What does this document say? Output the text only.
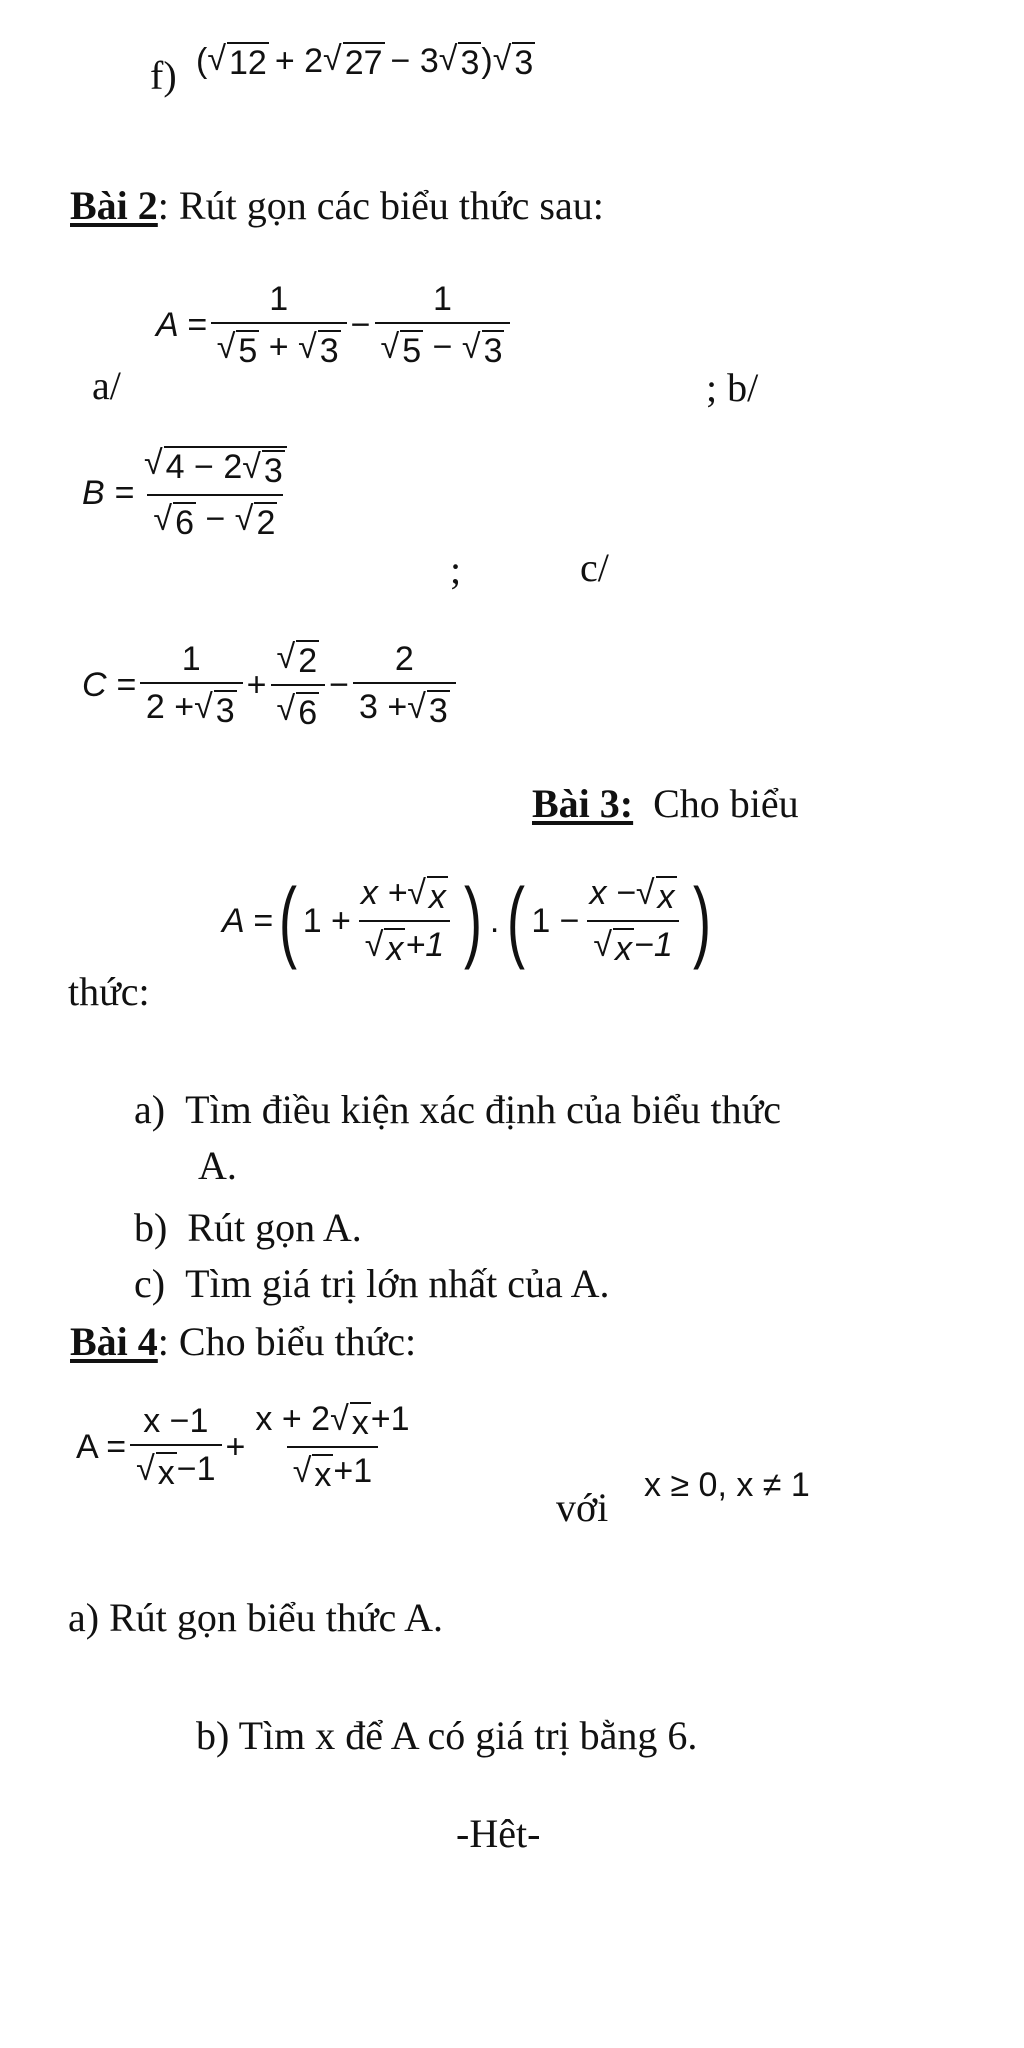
f) ( √ 12 + 2 √ 27 − 3 √ 3 ) √ 3
Bài 2: Rút gọn các biểu thức sau:
a/
$A = \frac{1}{√ 5 + √ 3} - \frac{1}{√ 5 - √ 3}$
; b/
$B = \frac{√ 4 - 2 √ 3}{√ 6 - √ 2}$
;	c/
$C = \frac{1}{2 + √ 3} + \frac{√ 2}{√ 6} - \frac{2}{3 + √ 3}$
Bài 3: Cho biểu
thức:
A = ( $1 + \frac{x + √ x}{√ x +1}$ ) . ( $1 - \frac{x - √ x}{√ x -1}$ )
a) Tìm điều kiện xác định của biểu thức
A.
b) Rút gọn A.
c) Tìm giá trị lớn nhất của A.
Bài 4: Cho biểu thức:
$A = \frac{x -1}{√ x -1} + \frac{x + 2 √ x +1}{√ x +1}$
với x ≥ 0, x ≠ 1
a) Rút gọn biểu thức A.
b) Tìm x để A có giá trị bằng 6.
-Hêt-
